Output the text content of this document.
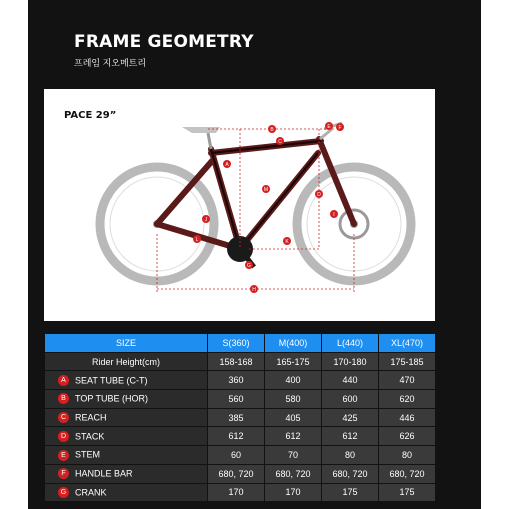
FRAME GEOMETRY
프레임 지오메트리
PACE 29”
A
B
C
D
E F
G
H
I
J
K
L
M
SIZE	S(360)	M(400)	L(440)	XL(470)
Rider Height(cm)	158-168	165-175	170-180	175-185
A SEAT TUBE (C-T)	360	400	440	470
B TOP TUBE (HOR)	560	580	600	620
C REACH	385	405	425	446
D STACK	612	612	612	626
E STEM	60	70	80	80
F HANDLE BAR	680, 720	680, 720	680, 720	680, 720
G CRANK	170	170	175	175
